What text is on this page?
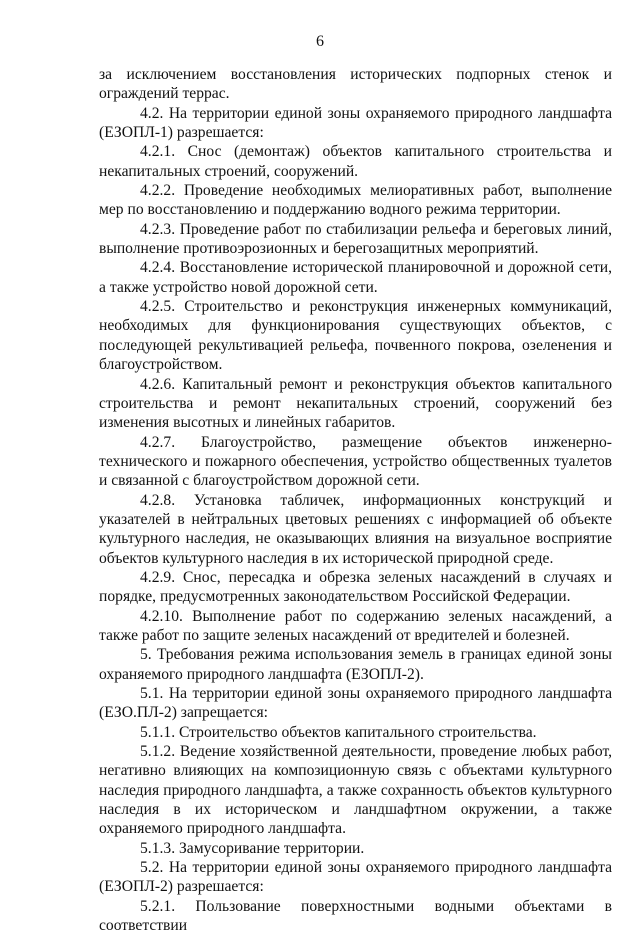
6

за исключением восстановления исторических подпорных стенок и ограждений террас.

4.2. На территории единой зоны охраняемого природного ландшафта (ЕЗОПЛ-1) разрешается:

4.2.1. Снос (демонтаж) объектов капитального строительства и некапитальных строений, сооружений.

4.2.2. Проведение необходимых мелиоративных работ, выполнение мер по восстановлению и поддержанию водного режима территории.

4.2.3. Проведение работ по стабилизации рельефа и береговых линий, выполнение противоэрозионных и берегозащитных мероприятий.

4.2.4. Восстановление исторической планировочной и дорожной сети, а также устройство новой дорожной сети.

4.2.5. Строительство и реконструкция инженерных коммуникаций, необходимых для функционирования существующих объектов, с последующей рекультивацией рельефа, почвенного покрова, озеленения и благоустройством.

4.2.6. Капитальный ремонт и реконструкция объектов капитального строительства и ремонт некапитальных строений, сооружений без изменения высотных и линейных габаритов.

4.2.7. Благоустройство, размещение объектов инженерно-технического и пожарного обеспечения, устройство общественных туалетов и связанной с благоустройством дорожной сети.

4.2.8. Установка табличек, информационных конструкций и указателей в нейтральных цветовых решениях с информацией об объекте культурного наследия, не оказывающих влияния на визуальное восприятие объектов культурного наследия в их исторической природной среде.

4.2.9. Снос, пересадка и обрезка зеленых насаждений в случаях и порядке, предусмотренных законодательством Российской Федерации.

4.2.10. Выполнение работ по содержанию зеленых насаждений, а также работ по защите зеленых насаждений от вредителей и болезней.

5. Требования режима использования земель в границах единой зоны охраняемого природного ландшафта (ЕЗОПЛ-2).

5.1. На территории единой зоны охраняемого природного ландшафта (ЕЗО.ПЛ-2) запрещается:

5.1.1. Строительство объектов капитального строительства.

5.1.2. Ведение хозяйственной деятельности, проведение любых работ, негативно влияющих на композиционную связь с объектами культурного наследия природного ландшафта, а также сохранность объектов культурного наследия в их историческом и ландшафтном окружении, а также охраняемого природного ландшафта.

5.1.3. Замусоривание территории.

5.2. На территории единой зоны охраняемого природного ландшафта (ЕЗОПЛ-2) разрешается:

5.2.1. Пользование поверхностными водными объектами в соответствии
